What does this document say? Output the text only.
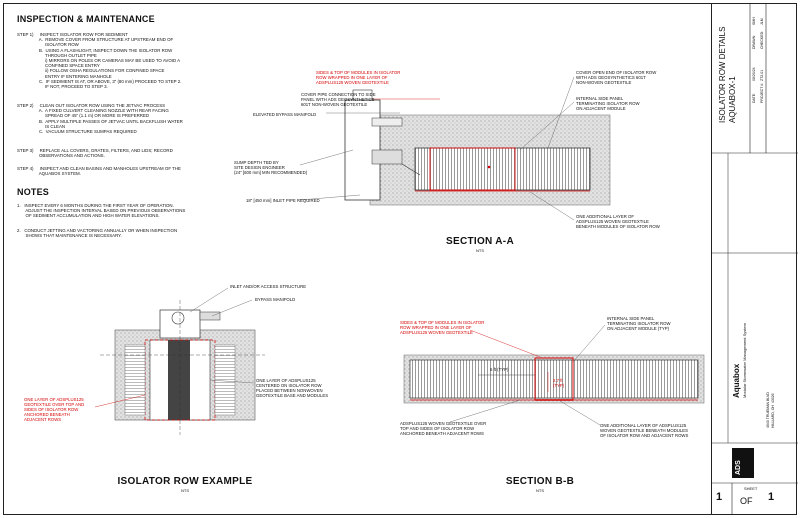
INSPECTION & MAINTENANCE
STEP 1)     INSPECT ISOLATOR ROW FOR SEDIMENT
A.  REMOVE COVER FROM STRUCTURE AT UPSTREAM END OF
ISOLATOR ROW
B.  USING A FLASHLIGHT, INSPECT DOWN THE ISOLATOR ROW
THROUGH OUTLET PIPE
i) MIRRORS ON POLES OR CAMERAS MAY BE USED TO AVOID A
CONFINED SPACE ENTRY
ii) FOLLOW OSHA REGULATIONS FOR CONFINED SPACE
ENTRY IF ENTERING MANHOLE
C.  IF SEDIMENT IS AT, OR ABOVE, 3" (80 mm) PROCEED TO STEP 2.
IF NOT, PROCEED TO STEP 3.
STEP 2)     CLEAN OUT ISOLATOR ROW USING THE JETVAC PROCESS
A.  A FIXED CULVERT CLEANING NOZZLE WITH REAR FACING
SPREAD OF 45" (1.1 m) OR MORE IS PREFERRED
B.  APPLY MULTIPLE PASSES OF JETVAC UNTIL BACKFLUSH WATER
IS CLEAN
C.  VACUUM STRUCTURE SUMPAS REQUIRED
STEP 3)     REPLACE ALL COVERS, GRATES, FILTERS, AND LIDS; RECORD
OBSERVATIONS AND ACTIONS.
STEP 4)     INSPECT AND CLEAN BASINS AND MANHOLES UPSTREAM OF THE
AQUABOX SYSTEM.
NOTES
1.   INSPECT EVERY 6 MONTHS DURING THE FIRST YEAR OF OPERATION.
ADJUST THE INSPECTION INTERVAL BASED ON PREVIOUS OBSERVATIONS
OF SEDIMENT ACCUMULATION AND HIGH WATER ELEVATIONS.
2.   CONDUCT JETTING AND VACTORING ANNUALLY OR WHEN INSPECTION
SHOWS THAT MAINTENANCE IS NECESSARY.
SIDES & TOP OF MODULES IN ISOLATOR
ROW WRAPPED IN ONE LAYER OF
ADSPLUS125 WOVEN GEOTEXTILE
COVER PIPE CONNECTION TO SIDE
PANEL WITH ADS GEOSYNTHETICS
601T NON-WOVEN GEOTEXTILE
ELEVATED BYPASS MANIFOLD
SUMP DEPTH TBD BY
SITE DESIGN ENGINEER
(24" [600 mm] MIN RECOMMENDED)
18" [450 mm] INLET PIPE REQUIRED
COVER OPEN END OF ISOLATOR ROW
WITH ADS GEOSYNTHETICS 601T
NON-WOVEN GEOTEXTILE
INTERNAL SIDE PANEL
TERMINATING ISOLATOR ROW
ON ADJACENT MODULE
ONE ADDITIONAL LAYER OF
ADSPLUS125 WOVEN GEOTEXTILE
BENEATH MODULES OF ISOLATOR ROW
SECTION A-A
NTS
INLET AND/OR ACCESS STRUCTURE
BYPASS MANIFOLD
ONE LAYER OF ADSPLUS125
CENTERED ON ISOLATOR ROW
PLACED BETWEEN NONWOVEN
GEOTEXTILE BASE AND MODULES
ONE LAYER OF ADSPLUS125
GEOTEXTILE OVER TOP AND
SIDES OF ISOLATOR ROW
ANCHORED BENEATH
ADJACENT ROWS
ISOLATOR ROW EXAMPLE
NTS
SIDES & TOP OF MODULES IN ISOLATOR
ROW WRAPPED IN ONE LAYER OF
ADSPLUS125 WOVEN GEOTEXTILE
INTERNAL SIDE PANEL
TERMINATING ISOLATOR ROW
ON ADJACENT MODULE (TYP)
6 ft (TYP)
2.7 ft
(TYP)
ADSPLUS125 WOVEN GEOTEXTILE OVER
TOP AND SIDES OF ISOLATOR ROW
ANCHORED BENEATH ADJACENT ROWS
ONE ADDITIONAL LAYER OF ADSPLUS125
WOVEN GEOTEXTILE BENEATH MODULES
OF ISOLATOR ROW AND ADJACENT ROWS
SECTION B-B
NTS
ISOLATOR ROW DETAILS AQUABOX-1	DATE:
08/20/24
DRAWN:
SMH
PROJECT #:
ZT2-01
CHECKED:
JLM
Aquabox Modular Stormwater Management System
4640 TRUEMAN BLVD
HILLIARD, OH  43026
ADS
1
SHEET
OF 1
